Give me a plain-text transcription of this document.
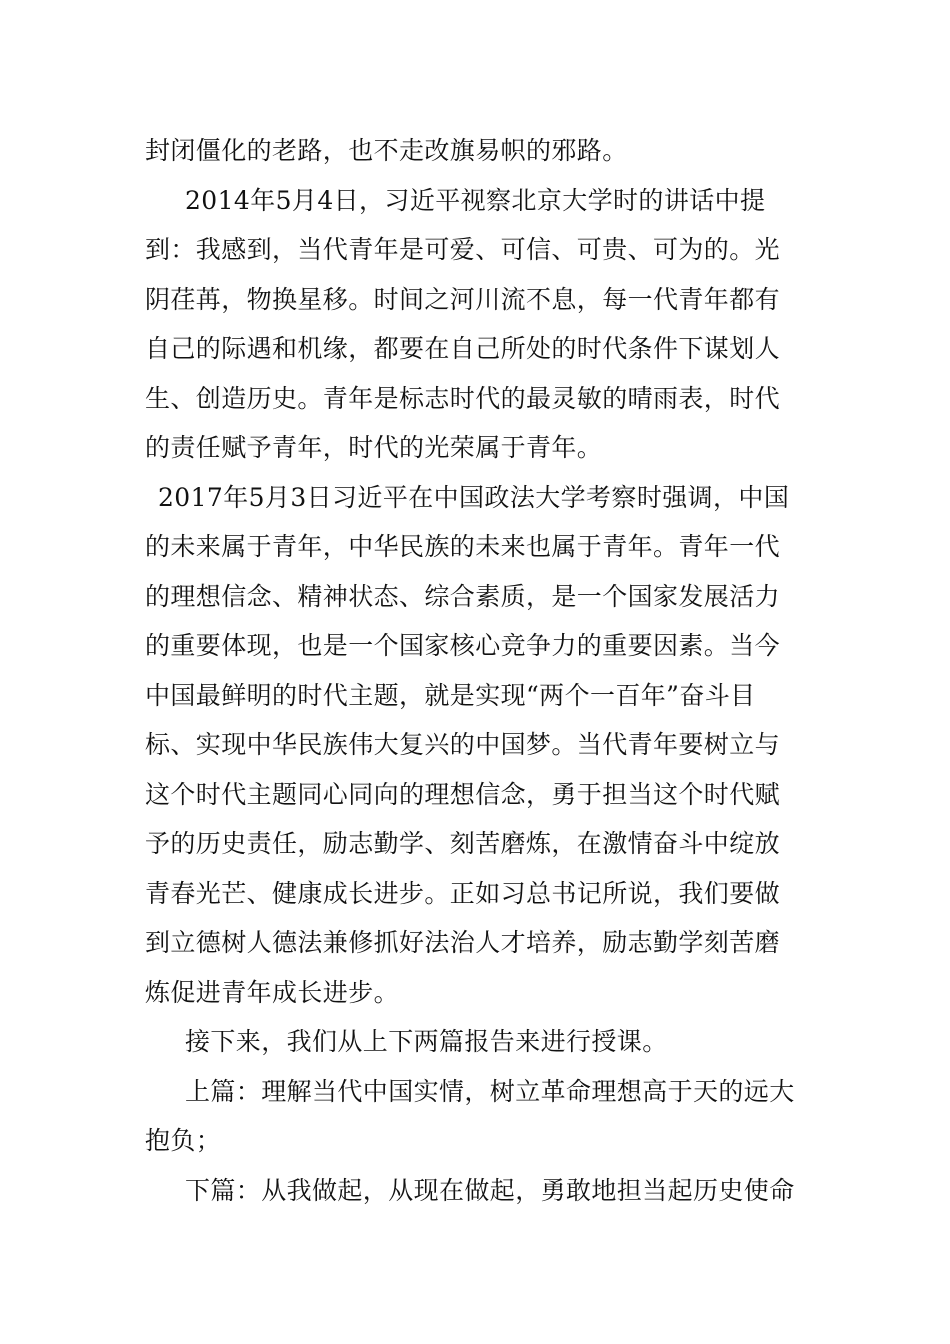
封闭僵化的老路，也不走改旗易帜的邪路。

2014年5月4日，习近平视察北京大学时的讲话中提到：我感到，当代青年是可爱、可信、可贵、可为的。光阴荏苒，物换星移。时间之河川流不息，每一代青年都有自己的际遇和机缘，都要在自己所处的时代条件下谋划人生、创造历史。青年是标志时代的最灵敏的晴雨表，时代的责任赋予青年，时代的光荣属于青年。

2017年5月3日习近平在中国政法大学考察时强调，中国的未来属于青年，中华民族的未来也属于青年。青年一代的理想信念、精神状态、综合素质，是一个国家发展活力的重要体现，也是一个国家核心竞争力的重要因素。当今中国最鲜明的时代主题，就是实现“两个一百年”奋斗目标、实现中华民族伟大复兴的中国梦。当代青年要树立与这个时代主题同心同向的理想信念，勇于担当这个时代赋予的历史责任，励志勤学、刻苦磨炼，在激情奋斗中绽放青春光芒、健康成长进步。正如习总书记所说，我们要做到立德树人德法兼修抓好法治人才培养，励志勤学刻苦磨炼促进青年成长进步。

接下来，我们从上下两篇报告来进行授课。

上篇：理解当代中国实情，树立革命理想高于天的远大抱负；

下篇：从我做起，从现在做起，勇敢地担当起历史使命
